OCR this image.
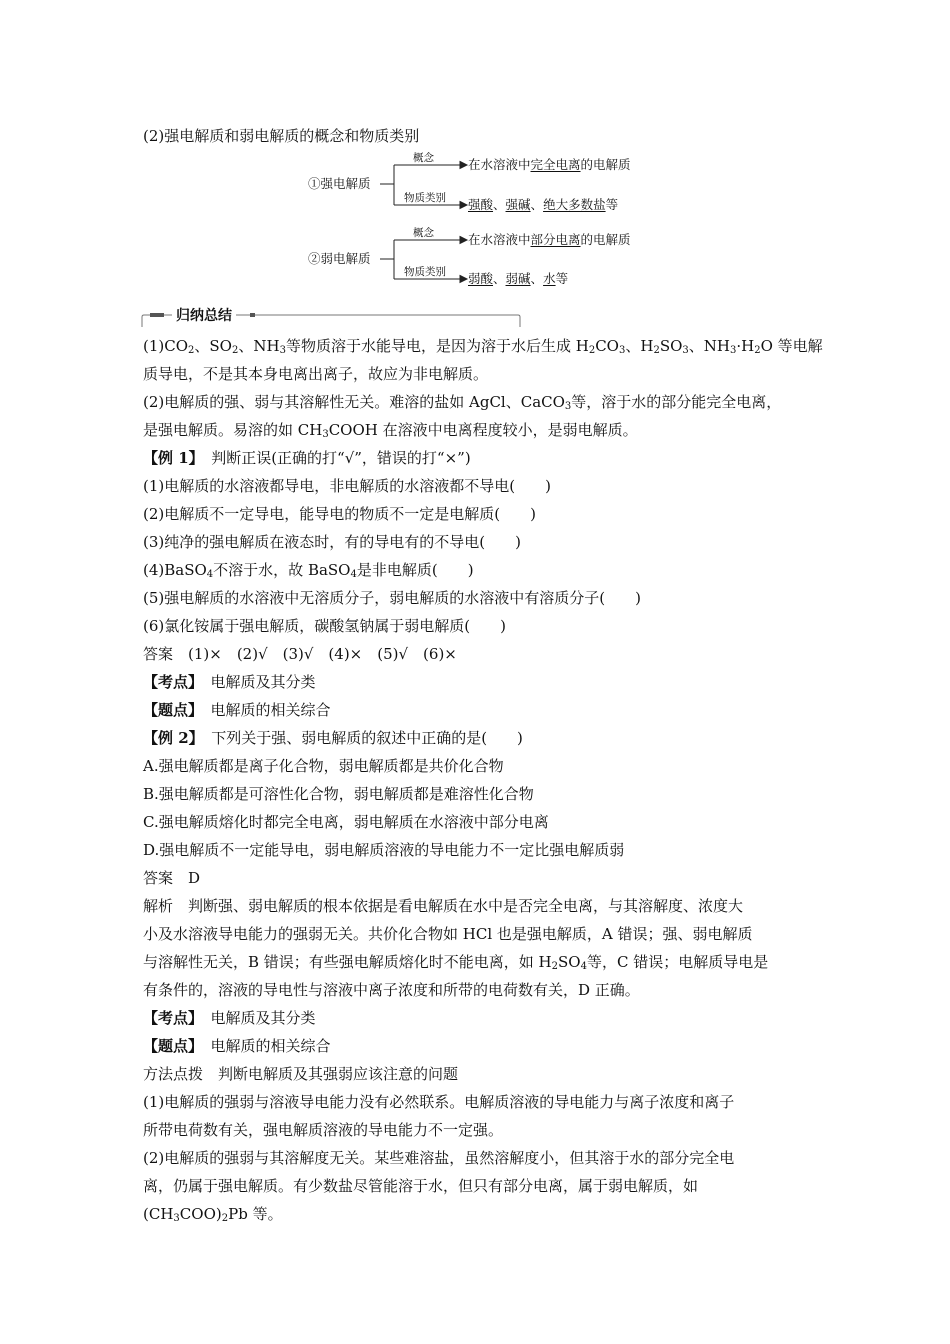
(2)强电解质和弱电解质的概念和物质类别
①强电解质
概念
物质类别
在水溶液中完全电离的电解质
强酸、强碱、绝大多数盐等
②弱电解质
概念
物质类别
在水溶液中部分电离的电解质
弱酸、弱碱、水等
归纳总结
$(1)CO_2$、$SO_2$、$NH_3$等物质溶于水能导电，是因为溶于水后生成 $H_2CO_3$、$H_2SO_3$、$NH_3\cdot H_2O$ 等电解
质导电，不是其本身电离出离子，故应为非电解质。
(2)电解质的强、弱与其溶解性无关。难溶的盐如 AgCl、CaCO$_3$等，溶于水的部分能完全电离，
是强电解质。易溶的如 $CH_3COOH$ 在溶液中电离程度较小，是弱电解质。
【例 1】　 判断正误(正确的打“√”，错误的打“×”)
(1)电解质的水溶液都导电，非电解质的水溶液都不导电(　　)
(2)电解质不一定导电，能导电的物质不一定是电解质(　　)
(3)纯净的强电解质在液态时，有的导电有的不导电(　　)
(4)BaSO$_4$不溶于水，故 BaSO$_4$是非电解质(　　)
(5)强电解质的水溶液中无溶质分子，弱电解质的水溶液中有溶质分子(　　)
(6)氯化铵属于强电解质，碳酸氢钠属于弱电解质(　　)
答案　(1)×　(2)√　(3)√　(4)×　(5)√　(6)×
【考点】　 电解质及其分类
【题点】　 电解质的相关综合
【例 2】　 下列关于强、弱电解质的叙述中正确的是(　　)
A.强电解质都是离子化合物，弱电解质都是共价化合物
B.强电解质都是可溶性化合物，弱电解质都是难溶性化合物
C.强电解质熔化时都完全电离，弱电解质在水溶液中部分电离
D.强电解质不一定能导电，弱电解质溶液的导电能力不一定比强电解质弱
答案　D
解析　判断强、弱电解质的根本依据是看电解质在水中是否完全电离，与其溶解度、浓度大
小及水溶液导电能力的强弱无关。共价化合物如 HCl 也是强电解质，A 错误；强、弱电解质
与溶解性无关，B 错误；有些强电解质熔化时不能电离，如 $H_2SO_4$等，C 错误；电解质导电是
有条件的，溶液的导电性与溶液中离子浓度和所带的电荷数有关，D 正确。
【考点】　 电解质及其分类
【题点】　 电解质的相关综合
方法点拨　判断电解质及其强弱应该注意的问题
(1)电解质的强弱与溶液导电能力没有必然联系。电解质溶液的导电能力与离子浓度和离子
所带电荷数有关，强电解质溶液的导电能力不一定强。
(2)电解质的强弱与其溶解度无关。某些难溶盐，虽然溶解度小，但其溶于水的部分完全电
离，仍属于强电解质。有少数盐尽管能溶于水，但只有部分电离，属于弱电解质，如
$(CH_3COO)_2Pb$ 等。
